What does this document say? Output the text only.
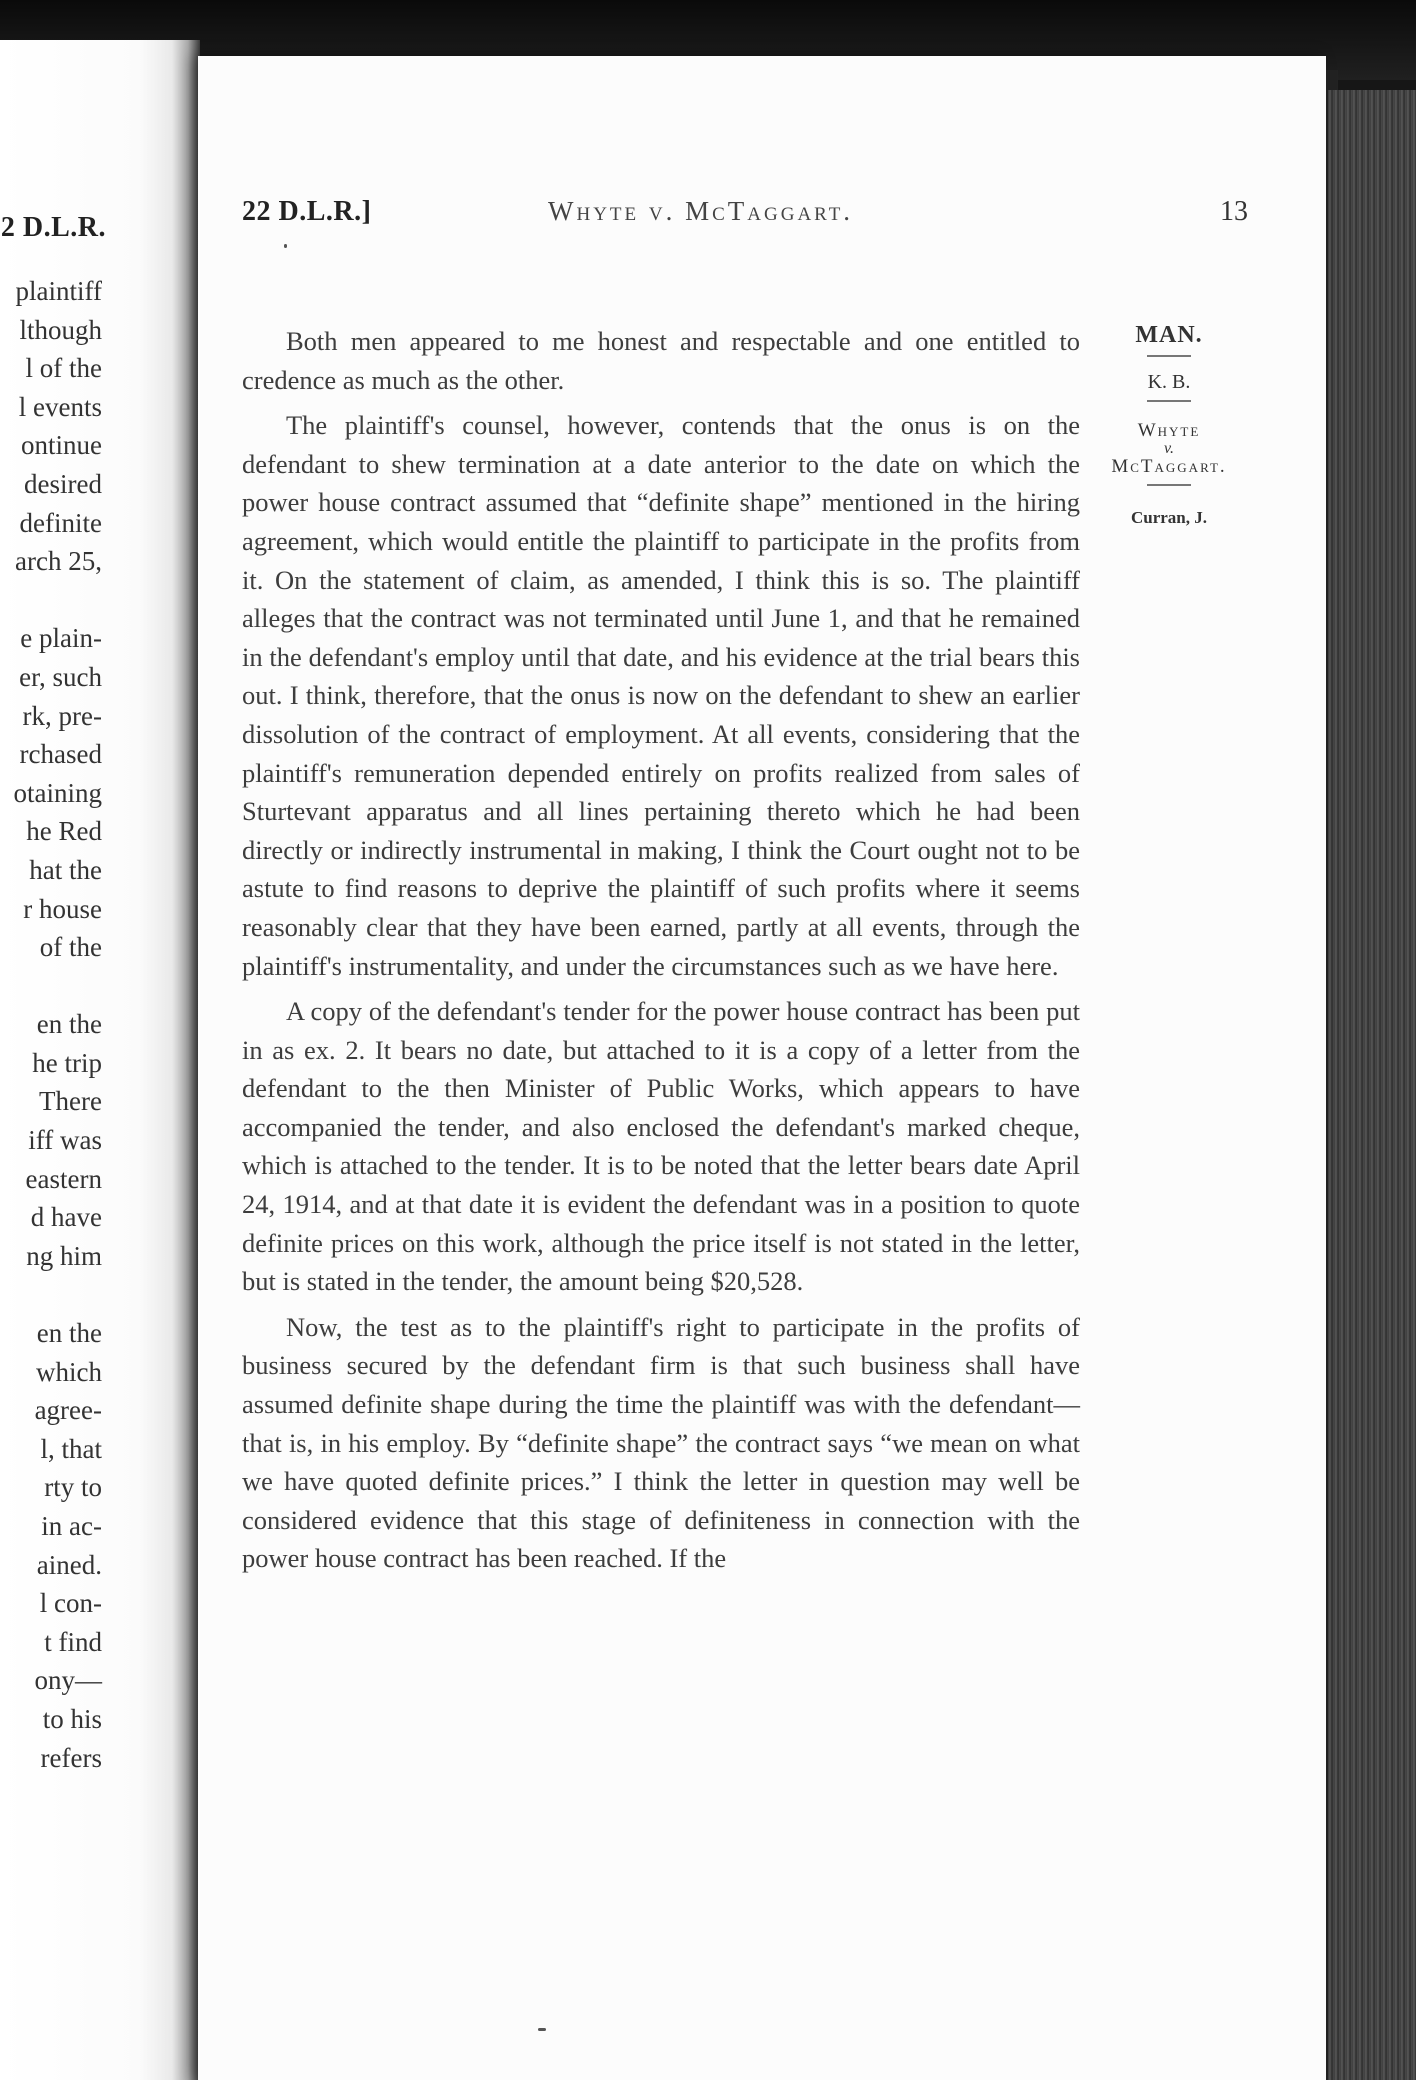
2 D.L.R.
plaintiff
lthough
l of the
l events
ontinue
desired
definite
arch 25,
e plain-
er, such
rk, pre-
rchased
otaining
he Red
hat the
r house
of the
en the
he trip
There
iff was
eastern
d have
ng him
en the
which
agree-
l, that
rty to
in ac-
ained.
l con-
t find
ony—
to his
refers
22 D.L.R.]	Whyte v. McTaggart.	13

Both men appeared to me honest and respectable and one entitled to credence as much as the other.

The plaintiff's counsel, however, contends that the onus is on the defendant to shew termination at a date anterior to the date on which the power house contract assumed that “definite shape” mentioned in the hiring agreement, which would entitle the plaintiff to participate in the profits from it. On the statement of claim, as amended, I think this is so. The plaintiff alleges that the contract was not terminated until June 1, and that he remained in the defendant's employ until that date, and his evidence at the trial bears this out. I think, therefore, that the onus is now on the defendant to shew an earlier dissolution of the contract of employment. At all events, considering that the plaintiff's remuneration depended entirely on profits realized from sales of Sturtevant apparatus and all lines pertaining thereto which he had been directly or indirectly instrumental in making, I think the Court ought not to be astute to find reasons to deprive the plaintiff of such profits where it seems reasonably clear that they have been earned, partly at all events, through the plaintiff's instrumentality, and under the circumstances such as we have here.

A copy of the defendant's tender for the power house contract has been put in as ex. 2. It bears no date, but attached to it is a copy of a letter from the defendant to the then Minister of Public Works, which appears to have accompanied the tender, and also enclosed the defendant's marked cheque, which is attached to the tender. It is to be noted that the letter bears date April 24, 1914, and at that date it is evident the defendant was in a position to quote definite prices on this work, although the price itself is not stated in the letter, but is stated in the tender, the amount being $20,528.

Now, the test as to the plaintiff's right to participate in the profits of business secured by the defendant firm is that such business shall have assumed definite shape during the time the plaintiff was with the defendant—that is, in his employ. By “definite shape” the contract says “we mean on what we have quoted definite prices.” I think the letter in question may well be considered evidence that this stage of definiteness in connection with the power house contract has been reached. If the

MAN.
K. B.
Whyte
v.
McTaggart.
Curran, J.
